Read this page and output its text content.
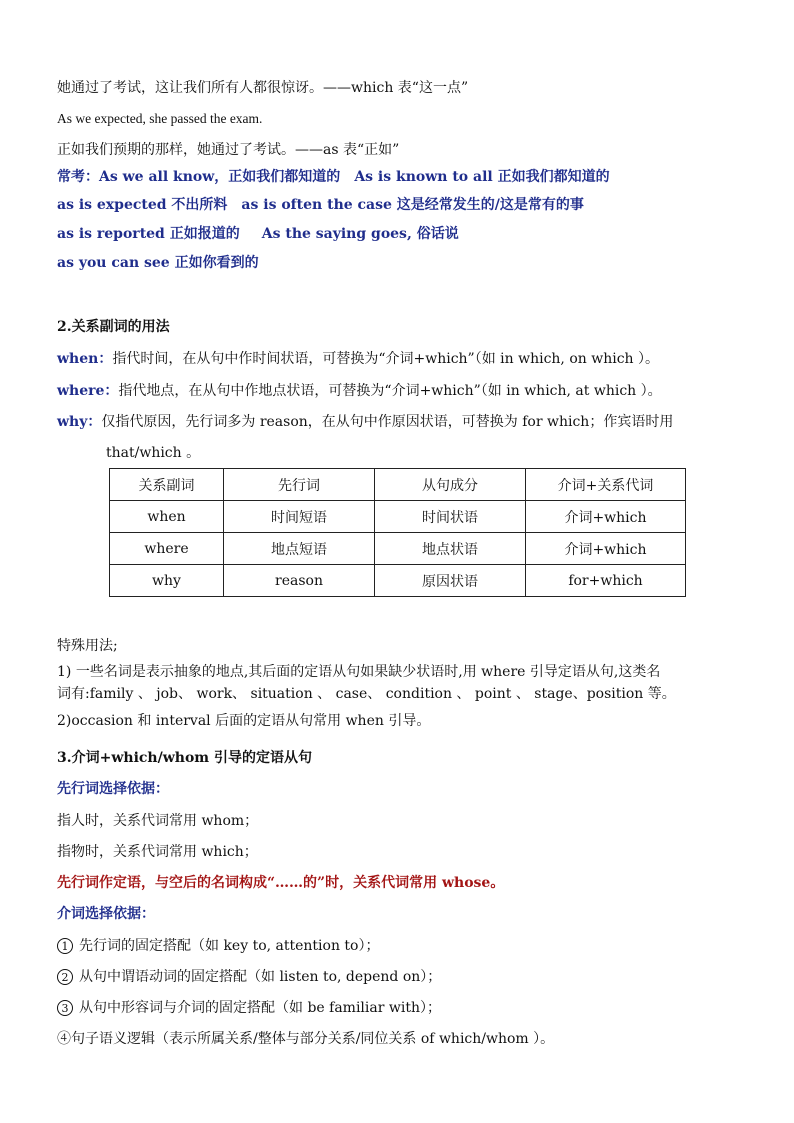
她通过了考试，这让我们所有人都很惊讶。——which 表“这一点”
As we expected, she passed the exam.
正如我们预期的那样，她通过了考试。——as 表“正如”
常考：As we all know，正如我们都知道的 As is known to all 正如我们都知道的
as is expected 不出所料 as is often the case 这是经常发生的/这是常有的事
as is reported 正如报道的 As the saying goes, 俗话说
as you can see 正如你看到的
2.关系副词的用法
when：指代时间，在从句中作时间状语，可替换为“介词+which”（如 in which, on which ）。
where：指代地点，在从句中作地点状语，可替换为“介词+which”（如 in which, at which ）。
why：仅指代原因，先行词多为 reason，在从句中作原因状语，可替换为 for which；作宾语时用
that/which 。
关系副词	先行词	从句成分	介词+关系代词
when	时间短语	时间状语	介词+which
where	地点短语	地点状语	介词+which
why	reason	原因状语	for+which
特殊用法;
1) 一些名词是表示抽象的地点,其后面的定语从句如果缺少状语时,用 where 引导定语从句,这类名
词有:family 、 job、 work、 situation 、 case、 condition 、 point 、 stage、position 等。
2)occasion 和 interval 后面的定语从句常用 when 引导。
3.介词+which/whom 引导的定语从句
先行词选择依据：
指人时，关系代词常用 whom；
指物时，关系代词常用 which；
先行词作定语，与空后的名词构成“……的”时，关系代词常用 whose。
介词选择依据：
1 先行词的固定搭配（如 key to, attention to）；
2 从句中谓语动词的固定搭配（如 listen to, depend on）；
3 从句中形容词与介词的固定搭配（如 be familiar with）；
④句子语义逻辑（表示所属关系/整体与部分关系/同位关系 of which/whom ）。
